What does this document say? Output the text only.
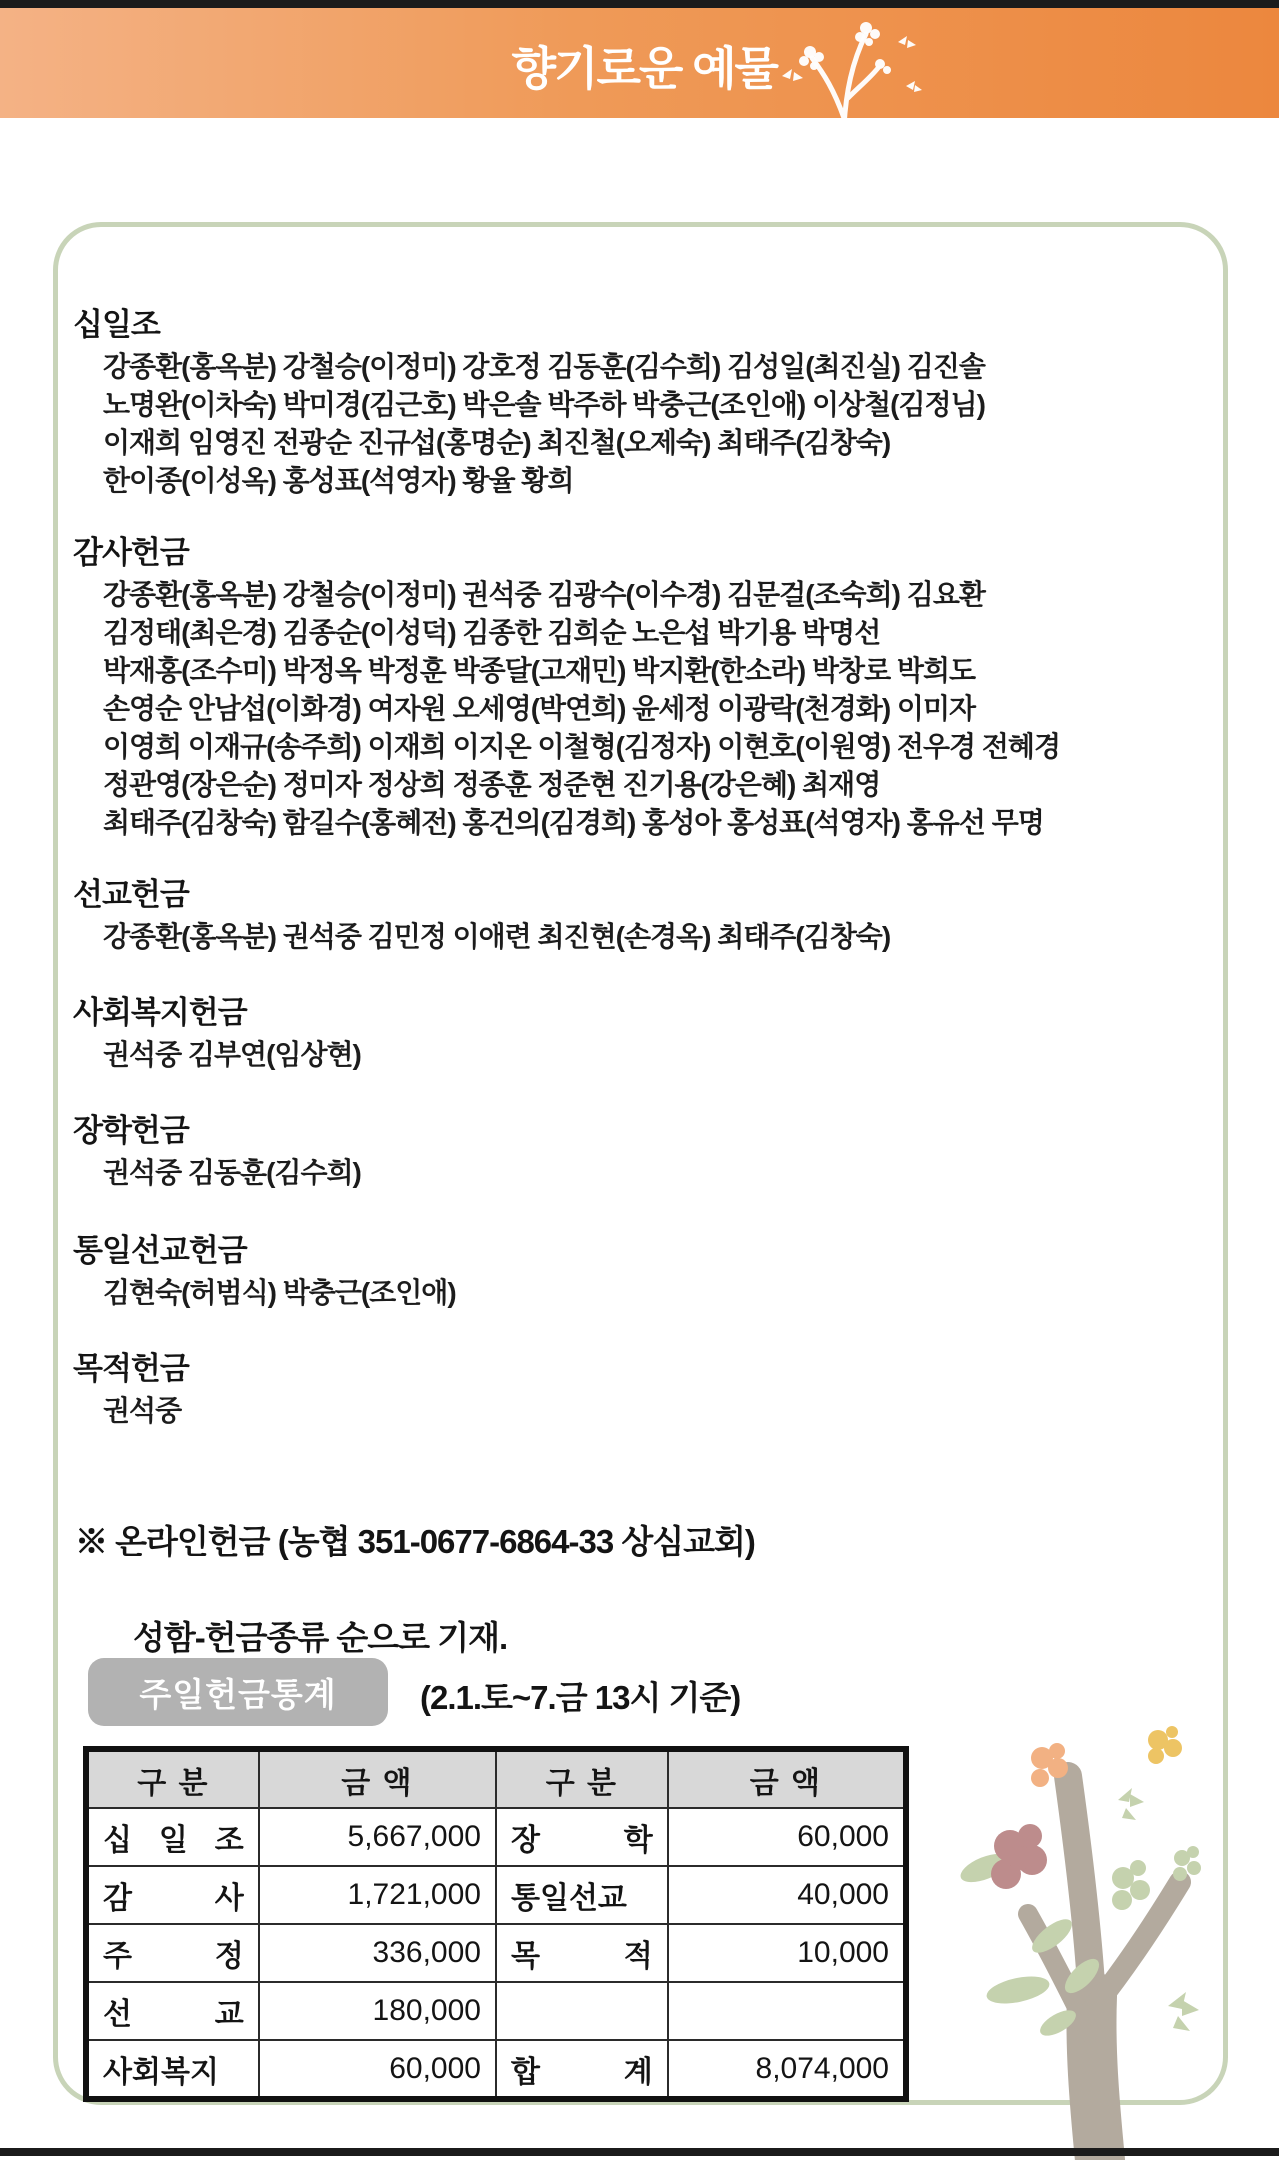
향기로운 예물
십일조

강종환(홍옥분) 강철승(이정미) 강호정 김동훈(김수희) 김성일(최진실) 김진솔

노명완(이차숙) 박미경(김근호) 박은솔 박주하 박충근(조인애) 이상철(김정님)

이재희 임영진 전광순 진규섭(홍명순) 최진철(오제숙) 최태주(김창숙)

한이종(이성옥) 홍성표(석영자) 황율 황희

감사헌금

강종환(홍옥분) 강철승(이정미) 권석중 김광수(이수경) 김문걸(조숙희) 김요환

김정태(최은경) 김종순(이성덕) 김종한 김희순 노은섭 박기용 박명선

박재홍(조수미) 박정옥 박정훈 박종달(고재민) 박지환(한소라) 박창로 박희도

손영순 안남섭(이화경) 여자원 오세영(박연희) 윤세정 이광락(천경화) 이미자

이영희 이재규(송주희) 이재희 이지온 이철형(김정자) 이현호(이원영) 전우경 전혜경

정관영(장은순) 정미자 정상희 정종훈 정준현 진기용(강은혜) 최재영

최태주(김창숙) 함길수(홍혜전) 홍건의(김경희) 홍성아 홍성표(석영자) 홍유선 무명

선교헌금

강종환(홍옥분) 권석중 김민정 이애련 최진현(손경옥) 최태주(김창숙)

사회복지헌금

권석중 김부연(임상현)

장학헌금

권석중 김동훈(김수희)

통일선교헌금

김현숙(허범식) 박충근(조인애)

목적헌금

권석중

※ 온라인헌금 (농협 351-0677-6864-33 상심교회)

성함-헌금종류 순으로 기재.

주일헌금통계	(2.1.토~7.금 13시 기준)

구 분	금 액	구 분	금 액
십 일 조	5,667,000	장 학	60,000
감 사	1,721,000	통일선교	40,000
주 정	336,000	목 적	10,000
선 교	180,000		
사회복지	60,000	합 계	8,074,000
